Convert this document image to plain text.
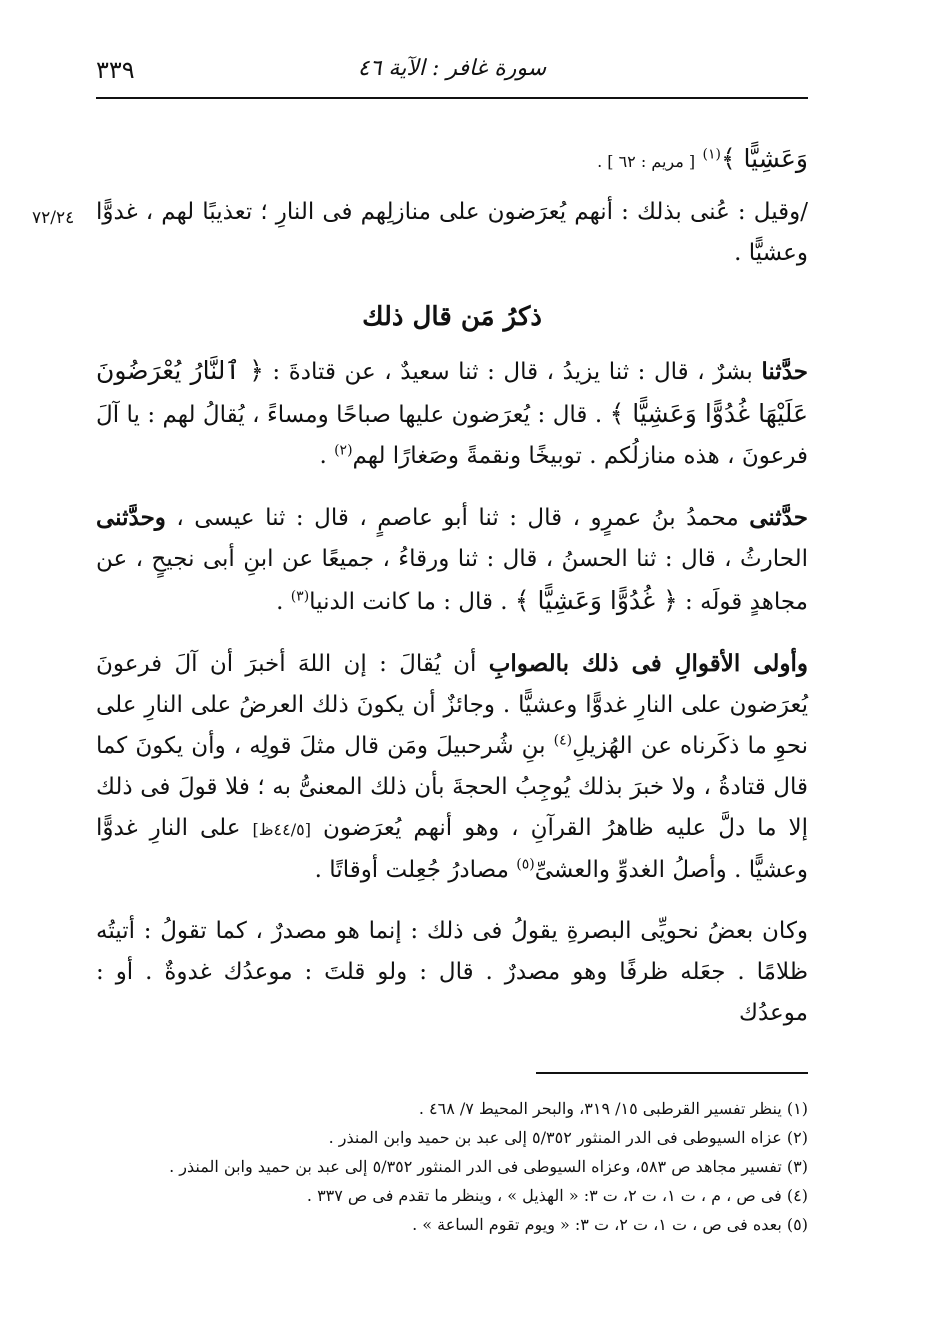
٣٣٩	سورة غافر : الآية ٤٦
٧٢/٢٤

وَعَشِيًّا ﴾$^{(١)}$ [ مريم : ٦٢ ] .

/وقيل : عُنى بذلك : أنهم يُعرَضون على منازلِهم فى النارِ ؛ تعذيبًا لهم ، غدوًّا وعشيًّا .

ذكرُ مَن قال ذلك

حدَّثنا بشرٌ ، قال : ثنا يزيدُ ، قال : ثنا سعيدٌ ، عن قتادةَ : ﴿ ٱلنَّارُ يُعْرَضُونَ عَلَيْهَا غُدُوًّا وَعَشِيًّا ﴾ . قال : يُعرَضون عليها صباحًا ومساءً ، يُقالُ لهم : يا آلَ فرعونَ ، هذه منازلُكم . توبيخًا ونقمةً وصَغارًا لهم$^{(٢)}$ .

حدَّثنى محمدُ بنُ عمرٍو ، قال : ثنا أبو عاصمٍ ، قال : ثنا عيسى ، وحدَّثنى الحارثُ ، قال : ثنا الحسنُ ، قال : ثنا ورقاءُ ، جميعًا عن ابنِ أبى نجيحٍ ، عن مجاهدٍ قولَه : ﴿ غُدُوًّا وَعَشِيًّا ﴾ . قال : ما كانت الدنيا$^{(٣)}$ .

وأولى الأقوالِ فى ذلك بالصوابِ أن يُقالَ : إن اللهَ أخبرَ أن آلَ فرعونَ يُعرَضون على النارِ غدوًّا وعشيًّا . وجائزٌ أن يكونَ ذلك العرضُ على النارِ على نحوِ ما ذكَرناه عن الهُزيلِ$^{(٤)}$ بنِ شُرحبيلَ ومَن قال مثلَ قولِه ، وأن يكونَ كما قال قتادةُ ، ولا خبرَ بذلك يُوجِبُ الحجةَ بأن ذلك المعنىُّ به ؛ فلا قولَ فى ذلك إلا ما دلَّ عليه ظاهرُ القرآنِ ، وهو أنهم يُعرَضون [٤٤/٥ظ] على النارِ غدوًّا وعشيًّا . وأصلُ الغدوِّ والعشىِّ$^{(٥)}$ مصادرُ جُعِلت أوقاتًا .

وكان بعضُ نحويِّى البصرةِ يقولُ فى ذلك : إنما هو مصدرٌ ، كما تقولُ : أتيتُه ظلامًا . جعَله ظرفًا وهو مصدرٌ . قال : ولو قلتَ : موعدُك غدوةٌ . أو : موعدُك

(١) ينظر تفسير القرطبى ١٥/ ٣١٩، والبحر المحيط ٧/ ٤٦٨ .

(٢) عزاه السيوطى فى الدر المنثور ٥/٣٥٢ إلى عبد بن حميد وابن المنذر .

(٣) تفسير مجاهد ص ٥٨٣، وعزاه السيوطى فى الدر المنثور ٥/٣٥٢ إلى عبد بن حميد وابن المنذر .

(٤) فى ص ، م ، ت ١، ت ٢، ت ٣: « الهذيل » ، وينظر ما تقدم فى ص ٣٣٧ .

(٥) بعده فى ص ، ت ١، ت ٢، ت ٣: « ويوم تقوم الساعة » .
